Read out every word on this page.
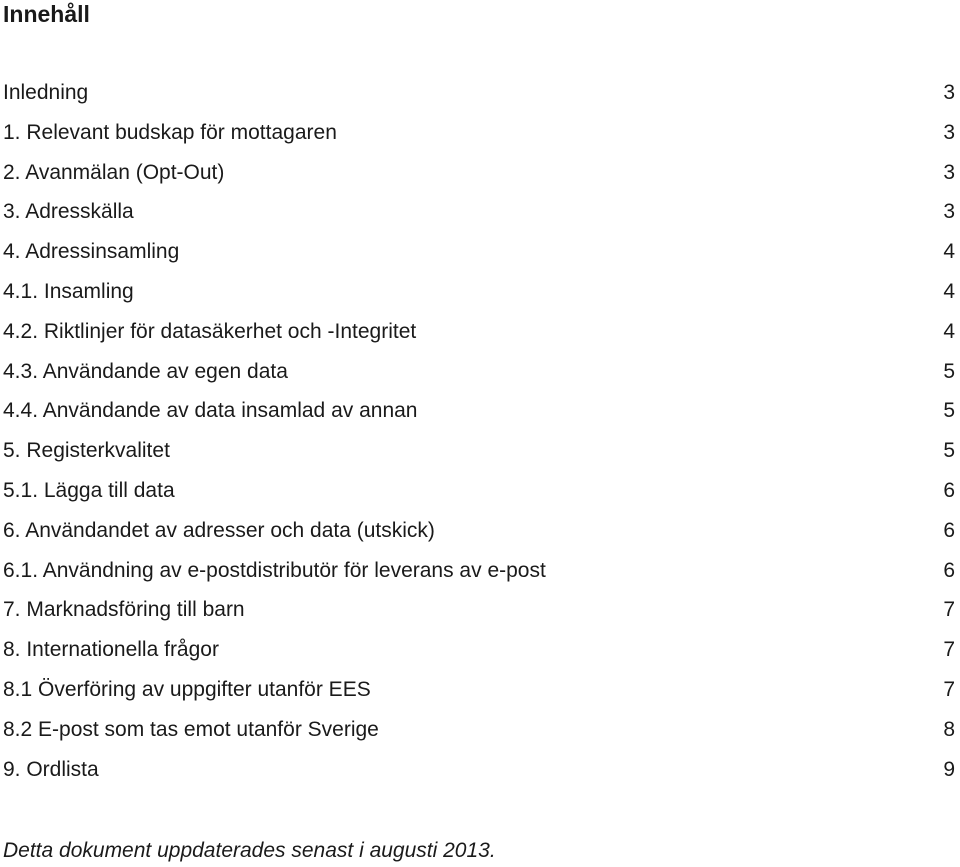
Innehåll
Inledning	3
1. Relevant budskap för mottagaren	3
2. Avanmälan (Opt-Out)	3
3. Adresskälla	3
4. Adressinsamling	4
4.1. Insamling	4
4.2. Riktlinjer för datasäkerhet och -Integritet	4
4.3. Användande av egen data	5
4.4. Användande av data insamlad av annan	5
5. Registerkvalitet	5
5.1. Lägga till data	6
6. Användandet av adresser och data (utskick)	6
6.1. Användning av e-postdistributör för leverans av e-post	6
7. Marknadsföring till barn	7
8. Internationella frågor	7
8.1 Överföring av uppgifter utanför EES	7
8.2 E-post som tas emot utanför Sverige	8
9. Ordlista	9

Detta dokument uppdaterades senast i augusti 2013.
